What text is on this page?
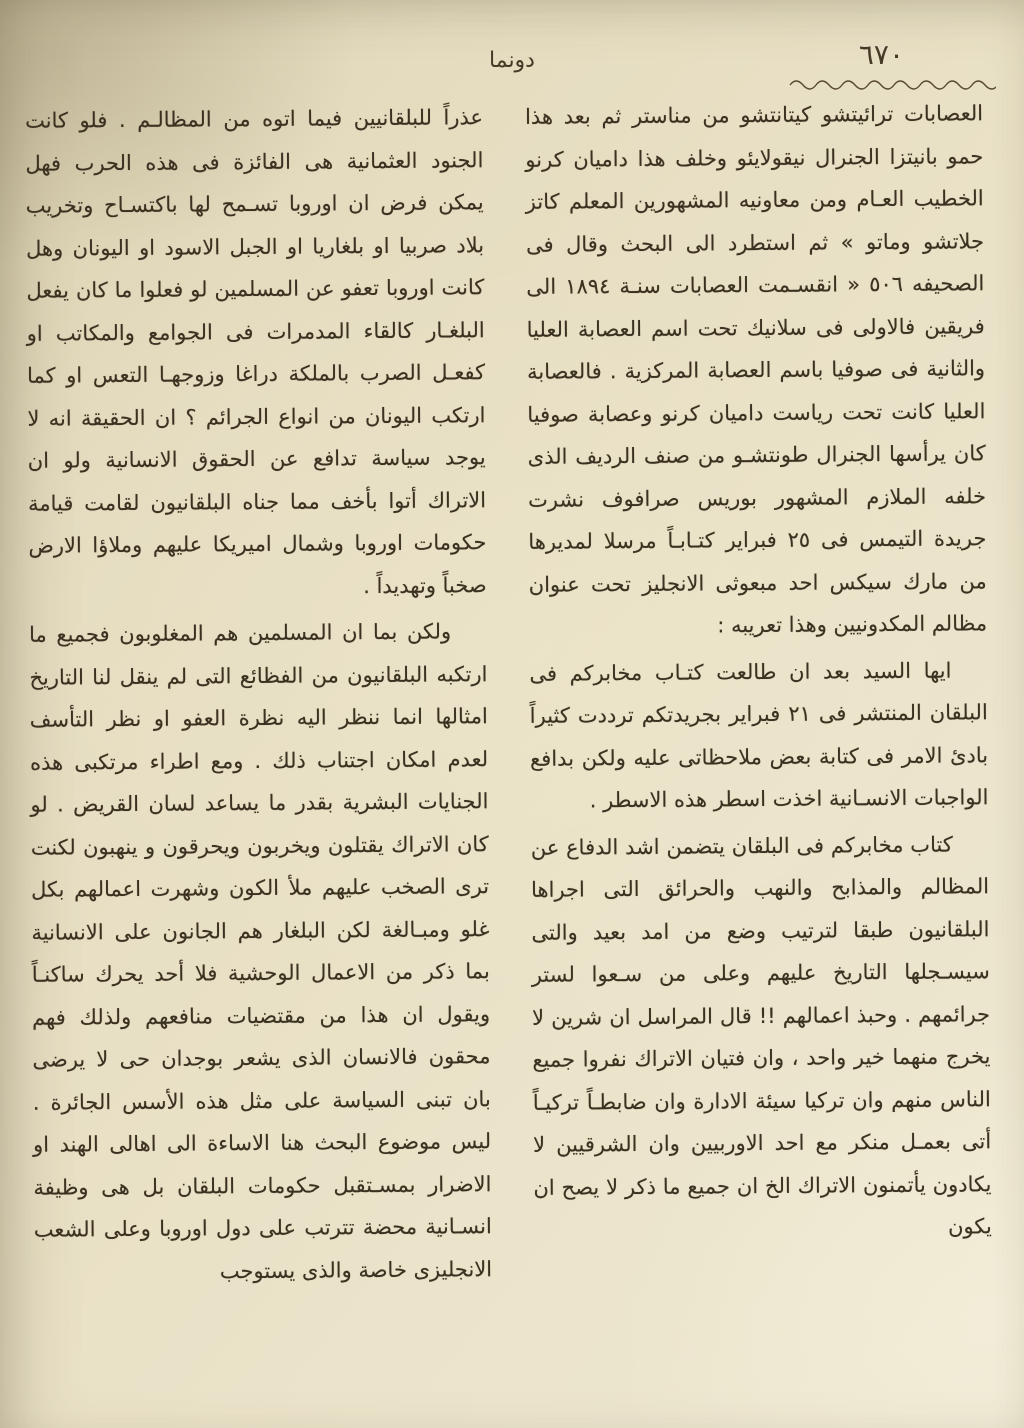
دونما	٦٧٠

العصابات ترائيتشو كيتانتشو من مناستر ثم بعد هذا حمو بانيتزا الجنرال نيقولايئو وخلف هذا داميان كرنو الخطيب العـام ومن معاونيه المشهورين المعلم كاتز جلاتشو وماتو » ثم استطرد الى البحث وقال فى الصحيفه ٥٠٦ « انقسـمت العصابات سنـة ١٨٩٤ الى فريقين فالاولى فى سلانيك تحت اسم العصابة العليا والثانية فى صوفيا باسم العصابة المركزية . فالعصابة العليا كانت تحت رياست داميان كرنو وعصابة صوفيا كان يرأسها الجنرال طونتشـو من صنف الرديف الذى خلفه الملازم المشهور بوريس صرافوف نشرت جريدة التيمس فى ٢٥ فبراير كتـابـاً مرسلا لمديرها من مارك سيكس احد مبعوثى الانجليز تحت عنوان مظالم المكدونيين وهذا تعريبه :

ايها السيد بعد ان طالعت كتـاب مخابركم فى البلقان المنتشر فى ٢١ فبراير بجريدتكم ترددت كثيراً بادئ الامر فى كتابة بعض ملاحظاتى عليه ولكن بدافع الواجبات الانسـانية اخذت اسطر هذه الاسطر .

كتاب مخابركم فى البلقان يتضمن اشد الدفاع عن المظالم والمذابح والنهب والحرائق التى اجراها البلقانيون طبقا لترتيب وضع من امد بعيد والتى سيسـجلها التاريخ عليهم وعلى من سـعوا لستر جرائمهم . وحبذ اعمالهم !! قال المراسل ان شرين لا يخرج منهما خير واحد ، وان فتيان الاتراك نفروا جميع الناس منهم وان تركيا سيئة الادارة وان ضابطـاً تركيـاً أتى بعمـل منكر مع احد الاوربيين وان الشرقيين لا يكادون يأتمنون الاتراك الخ ان جميع ما ذكر لا يصح ان يكون

عذراً للبلقانيين فيما اتوه من المظالـم . فلو كانت الجنود العثمانية هى الفائزة فى هذه الحرب فهل يمكن فرض ان اوروبا تسـمح لها باكتسـاح وتخريب بلاد صربيا او بلغاريا او الجبل الاسود او اليونان وهل كانت اوروبا تعفو عن المسلمين لو فعلوا ما كان يفعل البلغـار كالقاء المدمرات فى الجوامع والمكاتب او كفعـل الصرب بالملكة دراغا وزوجهـا التعس او كما ارتكب اليونان من انواع الجرائم ؟ ان الحقيقة انه لا يوجد سياسة تدافع عن الحقوق الانسانية ولو ان الاتراك أتوا بأخف مما جناه البلقانيون لقامت قيامة حكومات اوروبا وشمال اميريكا عليهم وملاؤا الارض صخباً وتهديداً .

ولكن بما ان المسلمين هم المغلوبون فجميع ما ارتكبه البلقانيون من الفظائع التى لم ينقل لنا التاريخ امثالها انما ننظر اليه نظرة العفو او نظر التأسف لعدم امكان اجتناب ذلك . ومع اطراء مرتكبى هذه الجنايات البشرية بقدر ما يساعد لسان القريض . لو كان الاتراك يقتلون ويخربون ويحرقون و ينهبون لكنت ترى الصخب عليهم ملأ الكون وشهرت اعمالهم بكل غلو ومبـالغة لكن البلغار هم الجانون على الانسانية بما ذكر من الاعمال الوحشية فلا أحد يحرك ساكنـاً ويقول ان هذا من مقتضيات منافعهم ولذلك فهم محقون فالانسان الذى يشعر بوجدان حى لا يرضى بان تبنى السياسة على مثل هذه الأسس الجائرة . ليس موضوع البحث هنا الاساءة الى اهالى الهند او الاضرار بمسـتقبل حكومات البلقان بل هى وظيفة انسـانية محضة تترتب على دول اوروبا وعلى الشعب الانجليزى خاصة والذى يستوجب
